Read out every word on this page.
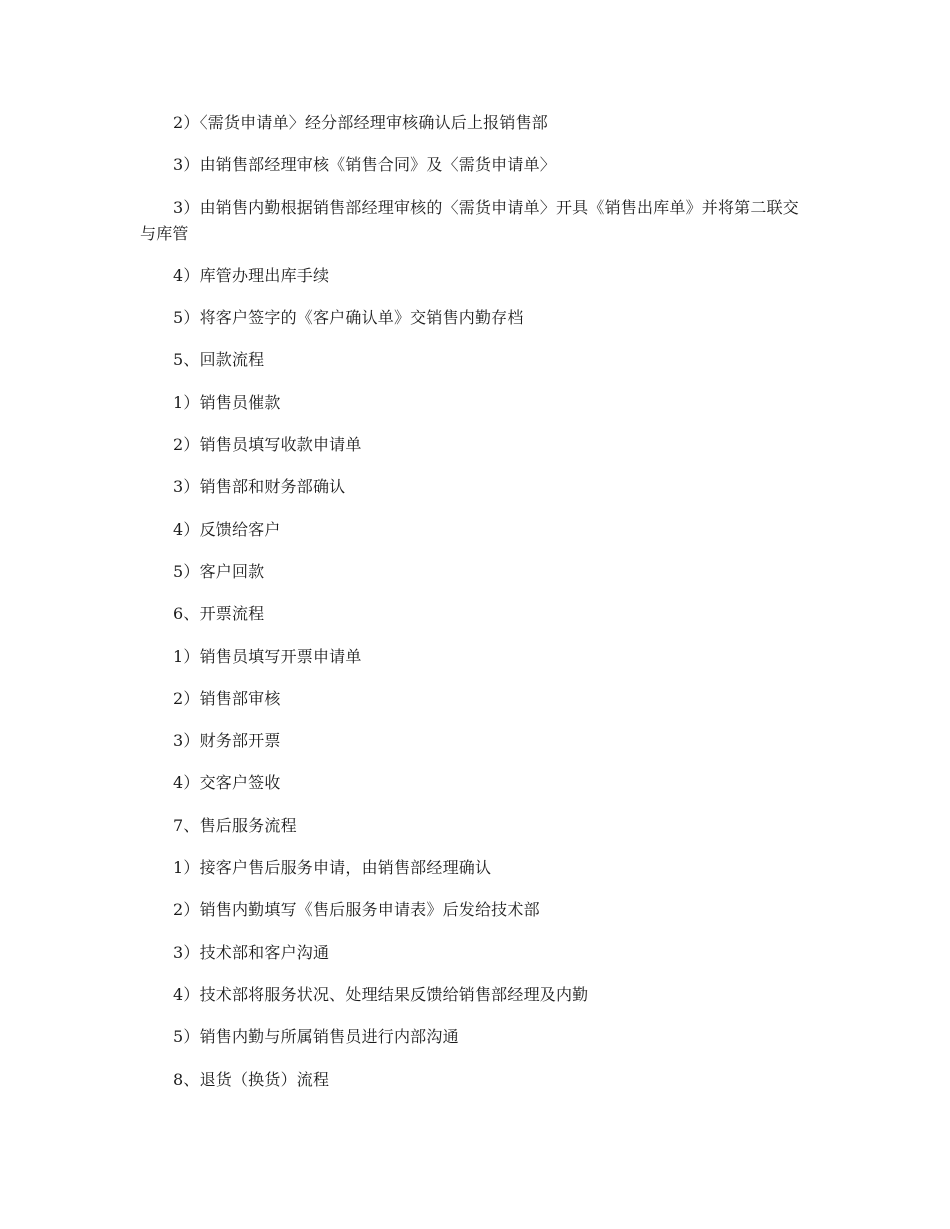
2）〈需货申请单〉经分部经理审核确认后上报销售部

3）由销售部经理审核《销售合同》及〈需货申请单〉

3）由销售内勤根据销售部经理审核的〈需货申请单〉开具《销售出库单》并将第二联交与库管

4）库管办理出库手续

5）将客户签字的《客户确认单》交销售内勤存档

5、回款流程

1）销售员催款

2）销售员填写收款申请单

3）销售部和财务部确认

4）反馈给客户

5）客户回款

6、开票流程

1）销售员填写开票申请单

2）销售部审核

3）财务部开票

4）交客户签收

7、售后服务流程

1）接客户售后服务申请，由销售部经理确认

2）销售内勤填写《售后服务申请表》后发给技术部

3）技术部和客户沟通

4）技术部将服务状况、处理结果反馈给销售部经理及内勤

5）销售内勤与所属销售员进行内部沟通

8、退货（换货）流程
